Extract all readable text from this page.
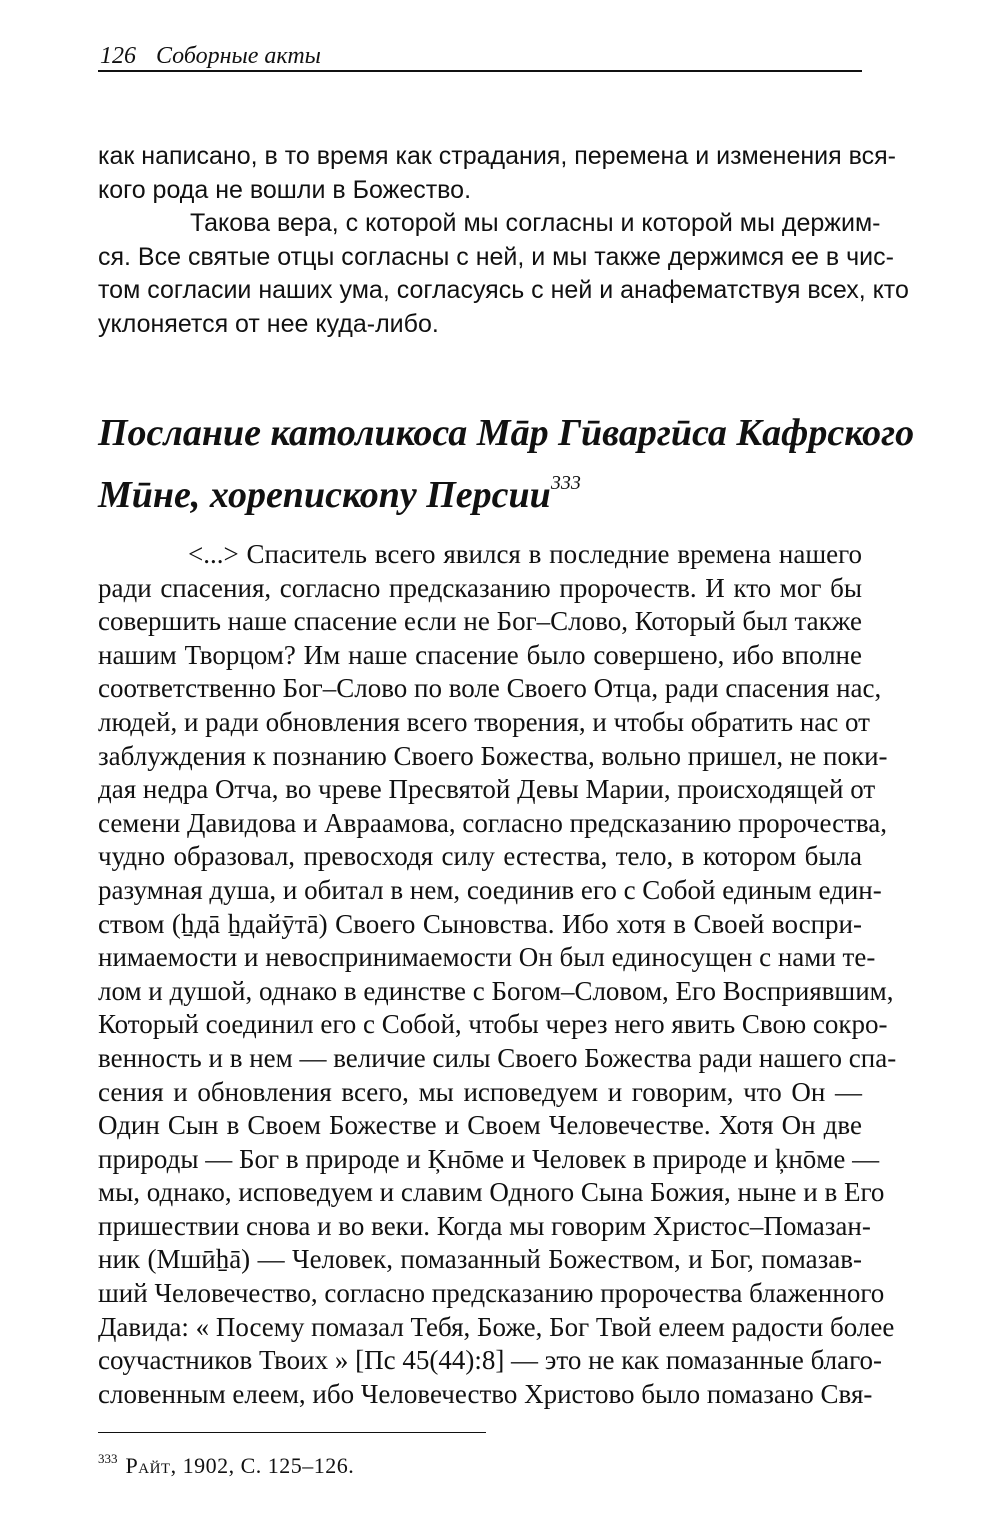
126 Соборные акты
как написано, в то время как страдания, перемена и изменения вся-
кого рода не вошли в Божество.
Такова вера, с которой мы согласны и которой мы держим-
ся. Все святые отцы согласны с ней, и мы также держимся ее в чис-
том согласии наших ума, согласуясь с ней и анафематствуя всех, кто
уклоняется от нее куда-либо.
Послание католикоса Мāр Гӣваргӣса Кафрского
Мӣне, хорепископу Персии$^{333}$
<...> Спаситель всего явился в последние времена нашего
ради спасения, согласно предсказанию пророчеств. И кто мог бы
совершить наше спасение если не Бог–Слово, Который был также
нашим Творцом? Им наше спасение было совершено, ибо вполне
соответственно Бог–Слово по воле Своего Отца, ради спасения нас,
людей, и ради обновления всего творения, и чтобы обратить нас от
заблуждения к познанию Своего Божества, вольно пришел, не поки-
дая недра Отча, во чреве Пресвятой Девы Марии, происходящей от
семени Давидова и Авраамова, согласно предсказанию пророчества,
чудно образовал, превосходя силу естества, тело, в котором была
разумная душа, и обитал в нем, соединив его с Собой единым един-
ством (ẖдā ẖдайӯтā) Своего Сыновства. Ибо хотя в Своей воспри-
нимаемости и невоспринимаемости Он был единосущен с нами те-
лом и душой, однако в единстве с Богом–Словом, Его Восприявшим,
Который соединил его с Собой, чтобы через него явить Свою сокро-
венность и в нем — величие силы Своего Божества ради нашего спа-
сения и обновления всего, мы исповедуем и говорим, что Он —
Один Сын в Своем Божестве и Своем Человечестве. Хотя Он две
природы — Бог в природе и Ķнōме и Человек в природе и ķнōме —
мы, однако, исповедуем и славим Одного Сына Божия, ныне и в Его
пришествии снова и во веки. Когда мы говорим Христос–Помазан-
ник (Мшӣẖā) — Человек, помазанный Божеством, и Бог, помазав-
ший Человечество, согласно предсказанию пророчества блаженного
Давида: « Посему помазал Тебя, Боже, Бог Твой елеем радости более
соучастников Твоих » [Пс 45(44):8] — это не как помазанные благо-
словенным елеем, ибо Человечество Христово было помазано Свя-
$^{333}$ Райт, 1902, С. 125–126.
